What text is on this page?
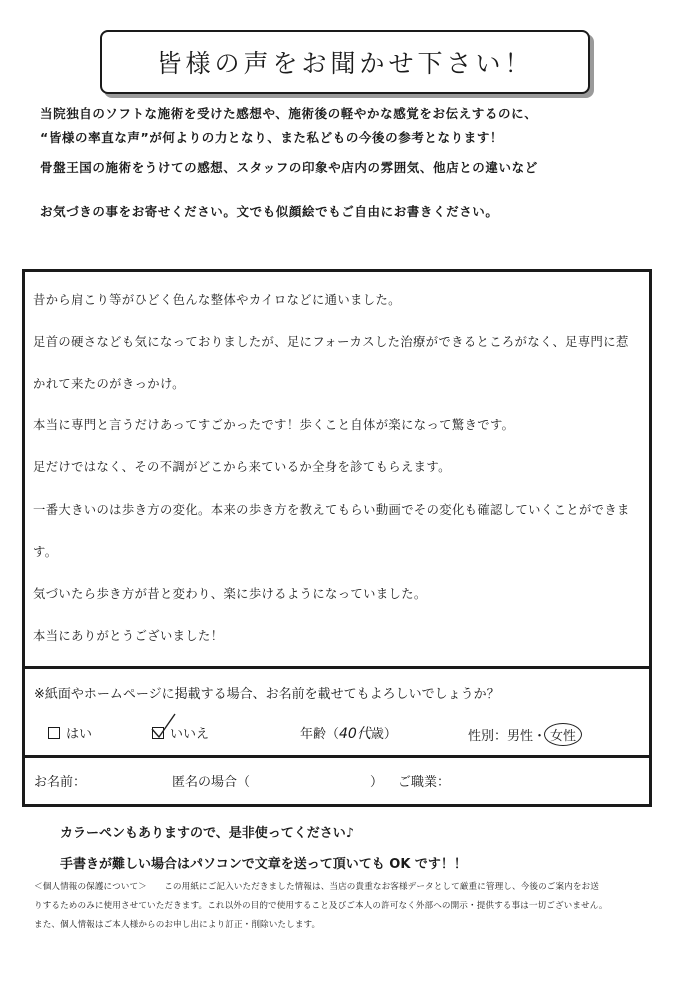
皆様の声をお聞かせ下さい！
当院独自のソフトな施術を受けた感想や、施術後の軽やかな感覚をお伝えするのに、
“皆様の率直な声”が何よりの力となり、また私どもの今後の参考となります！
骨盤王国の施術をうけての感想、スタッフの印象や店内の雰囲気、他店との違いなど
お気づきの事をお寄せください。文でも似顔絵でもご自由にお書きください。
昔から肩こり等がひどく色んな整体やカイロなどに通いました。
足首の硬さなども気になっておりましたが、足にフォーカスした治療ができるところがなく、足専門に惹
かれて来たのがきっかけ。
本当に専門と言うだけあってすごかったです！歩くこと自体が楽になって驚きです。
足だけではなく、その不調がどこから来ているか全身を診てもらえます。
一番大きいのは歩き方の変化。本来の歩き方を教えてもらい動画でその変化も確認していくことができま
す。
気づいたら歩き方が昔と変わり、楽に歩けるようになっていました。
本当にありがとうございました！
※紙面やホームページに掲載する場合、お名前を載せてもよろしいでしょうか？
はい	いいえ	年齢（40代歳）	性別：男性・ 女性
お名前：	匿名の場合（	） ご職業：
カラーペンもありますので、是非使ってください♪
手書きが難しい場合はパソコンで文章を送って頂いても OK です！！
＜個人情報の保護について＞　　この用紙にご記入いただきました情報は、当店の貴重なお客様データとして厳重に管理し、今後のご案内をお送
りするためのみに使用させていただきます。これ以外の目的で使用すること及びご本人の許可なく外部への開示・提供する事は一切ございません。
また、個人情報はご本人様からのお申し出により訂正・削除いたします。
